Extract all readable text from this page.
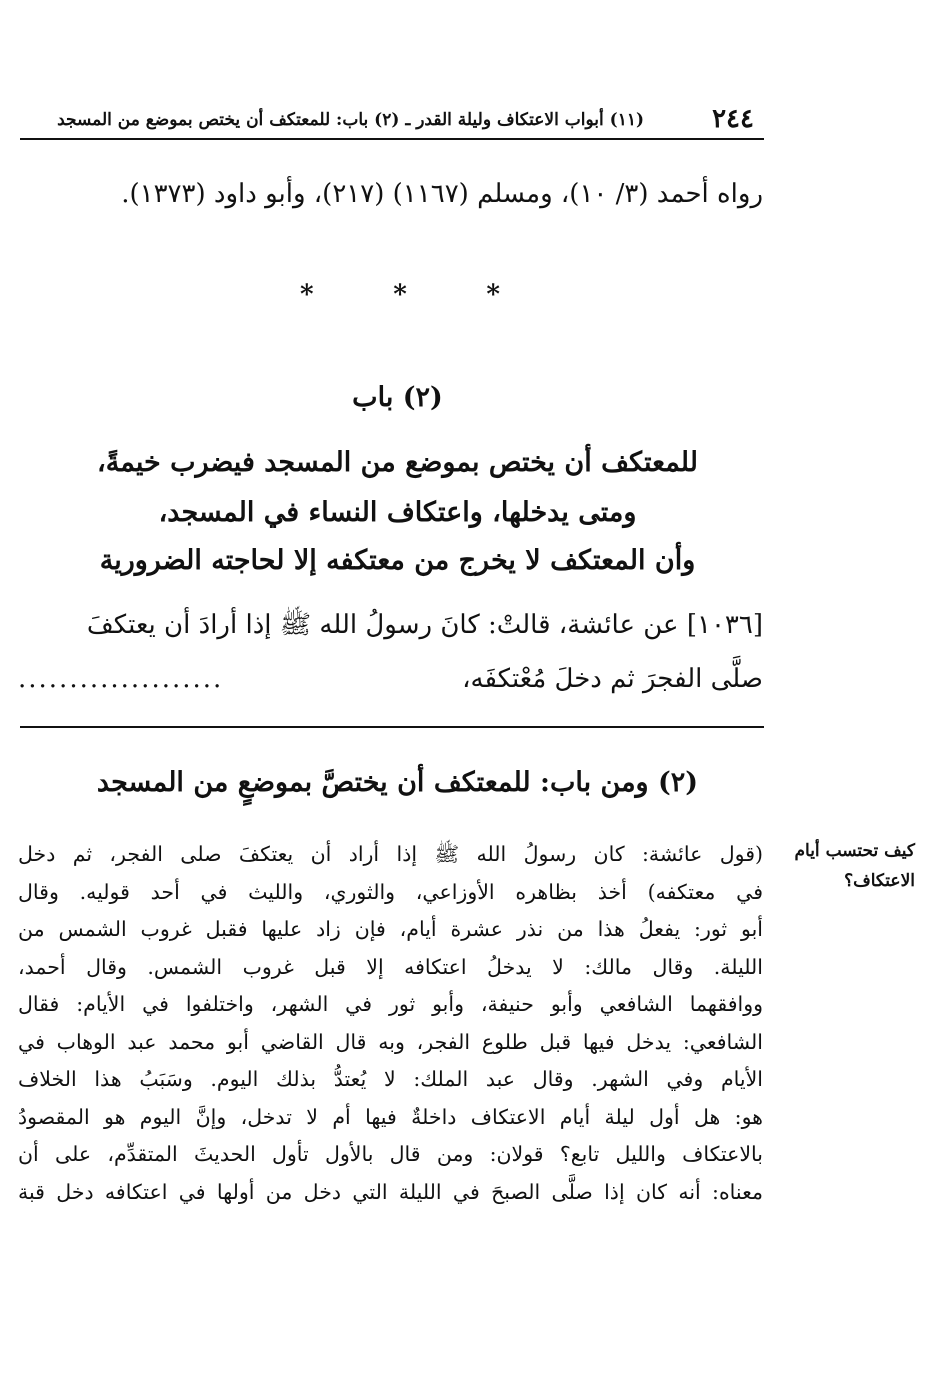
٢٤٤
(١١) أبواب الاعتكاف وليلة القدر ـ (٢) باب: للمعتكف أن يختص بموضع من المسجد
رواه أحمد (٣/ ١٠)، ومسلم (١١٦٧) (٢١٧)، وأبو داود (١٣٧٣).
*
*
*
(٢) باب
للمعتكف أن يختص بموضع من المسجد فيضرب خيمةً،
ومتى يدخلها، واعتكاف النساء في المسجد،
وأن المعتكف لا يخرج من معتكفه إلا لحاجته الضرورية
[١٠٣٦] عن عائشة، قالتْ: كانَ رسولُ الله ﷺ إذا أرادَ أن يعتكفَ
صلَّى الفجرَ ثم دخلَ مُعْتكفَه،
....................
(٢) ومن باب: للمعتكف أن يختصَّ بموضعٍ من المسجد
كيف تحتسب أيام الاعتكاف؟
(قول عائشة: كان رسولُ الله ﷺ إذا أراد أن يعتكفَ صلى الفجر، ثم دخل
في معتكفه) أخذ بظاهره الأوزاعي، والثوري، والليث في أحد قوليه. وقال
أبو ثور: يفعلُ هذا من نذر عشرة أيام، فإن زاد عليها فقبل غروب الشمس من
الليلة. وقال مالك: لا يدخلُ اعتكافه إلا قبل غروب الشمس. وقال أحمد،
ووافقهما الشافعي وأبو حنيفة، وأبو ثور في الشهر، واختلفوا في الأيام: فقال
الشافعي: يدخل فيها قبل طلوع الفجر، وبه قال القاضي أبو محمد عبد الوهاب في
الأيام وفي الشهر. وقال عبد الملك: لا يُعتدُّ بذلك اليوم. وسَبَبُ هذا الخلاف
هو: هل أول ليلة أيام الاعتكاف داخلةٌ فيها أم لا تدخل، وإنَّ اليوم هو المقصودُ
بالاعتكاف والليل تابع؟ قولان: ومن قال بالأول تأول الحديثَ المتقدِّم، على أن
معناه: أنه كان إذا صلَّى الصبحَ في الليلة التي دخل من أولها في اعتكافه دخل قبة
